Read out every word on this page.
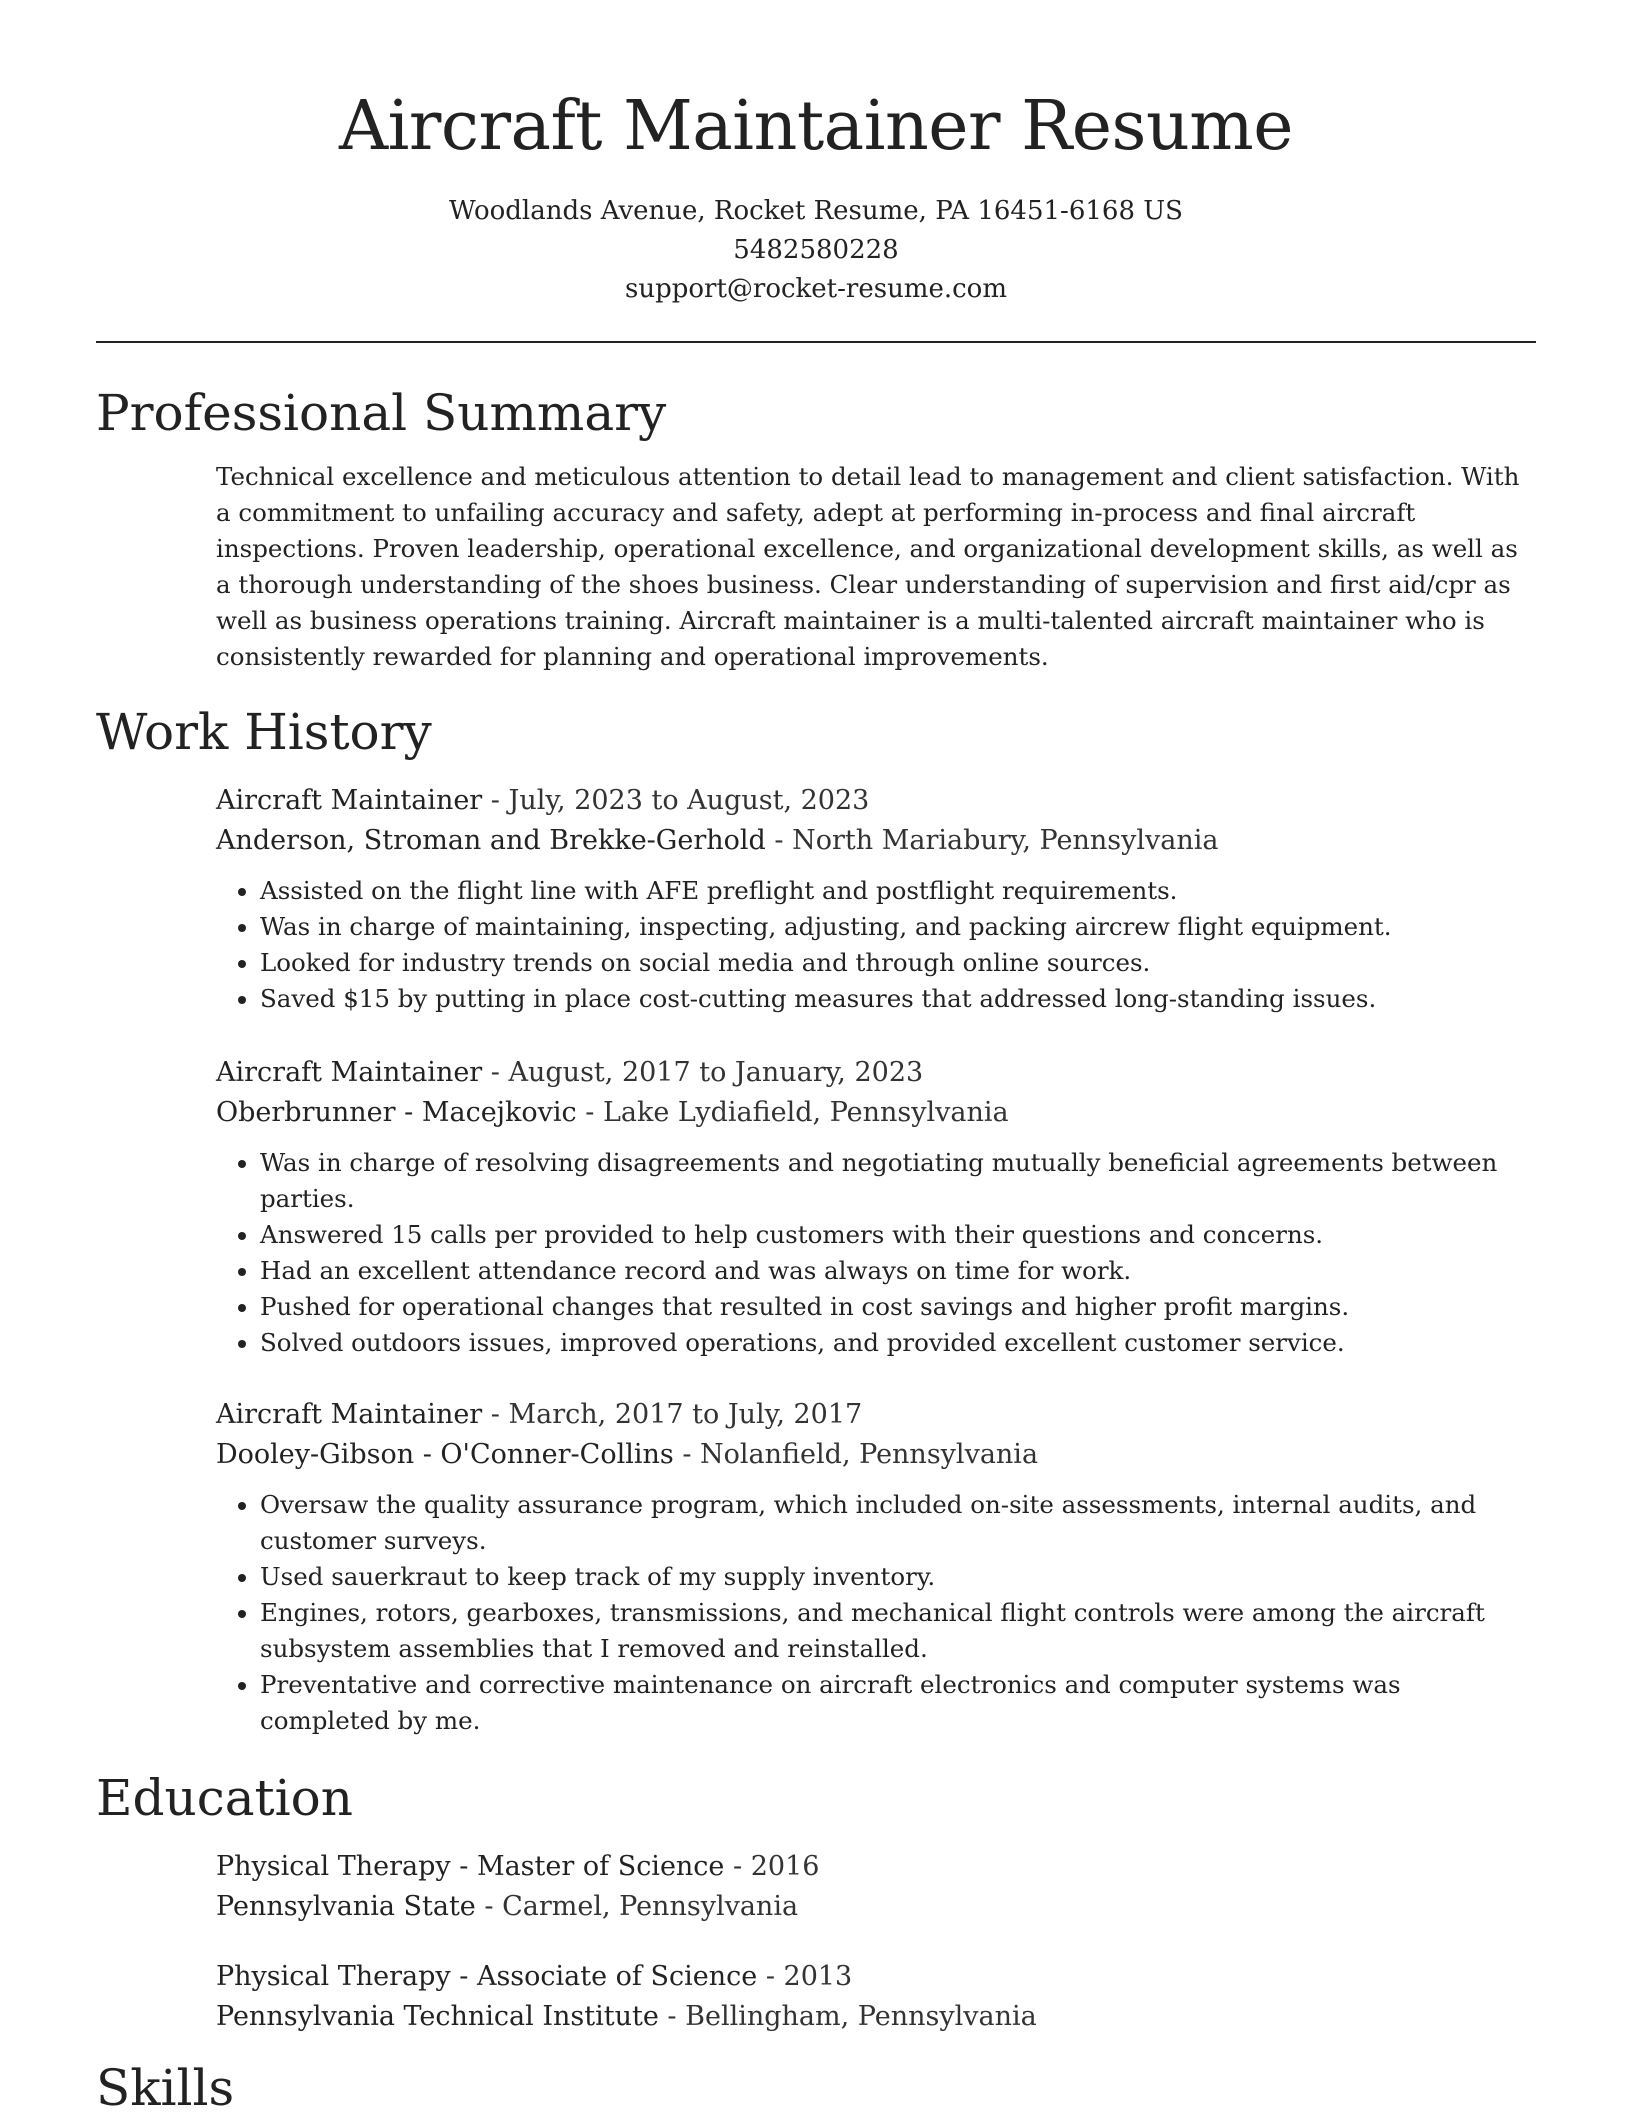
Aircraft Maintainer Resume
Woodlands Avenue, Rocket Resume, PA 16451-6168 US
5482580228
support@rocket-resume.com
Professional Summary
Technical excellence and meticulous attention to detail lead to management and client satisfaction. With a commitment to unfailing accuracy and safety, adept at performing in-process and final aircraft inspections. Proven leadership, operational excellence, and organizational development skills, as well as a thorough understanding of the shoes business. Clear understanding of supervision and first aid/cpr as well as business operations training. Aircraft maintainer is a multi-talented aircraft maintainer who is consistently rewarded for planning and operational improvements.
Work History
Aircraft Maintainer - July, 2023 to August, 2023
Anderson, Stroman and Brekke-Gerhold - North Mariabury, Pennsylvania
• Assisted on the flight line with AFE preflight and postflight requirements.
• Was in charge of maintaining, inspecting, adjusting, and packing aircrew flight equipment.
• Looked for industry trends on social media and through online sources.
• Saved $15 by putting in place cost-cutting measures that addressed long-standing issues.
Aircraft Maintainer - August, 2017 to January, 2023
Oberbrunner - Macejkovic - Lake Lydiafield, Pennsylvania
• Was in charge of resolving disagreements and negotiating mutually beneficial agreements between parties.
• Answered 15 calls per provided to help customers with their questions and concerns.
• Had an excellent attendance record and was always on time for work.
• Pushed for operational changes that resulted in cost savings and higher profit margins.
• Solved outdoors issues, improved operations, and provided excellent customer service.
Aircraft Maintainer - March, 2017 to July, 2017
Dooley-Gibson - O'Conner-Collins - Nolanfield, Pennsylvania
• Oversaw the quality assurance program, which included on-site assessments, internal audits, and customer surveys.
• Used sauerkraut to keep track of my supply inventory.
• Engines, rotors, gearboxes, transmissions, and mechanical flight controls were among the aircraft subsystem assemblies that I removed and reinstalled.
• Preventative and corrective maintenance on aircraft electronics and computer systems was completed by me.
Education
Physical Therapy - Master of Science - 2016
Pennsylvania State - Carmel, Pennsylvania
Physical Therapy - Associate of Science - 2013
Pennsylvania Technical Institute - Bellingham, Pennsylvania
Skills
